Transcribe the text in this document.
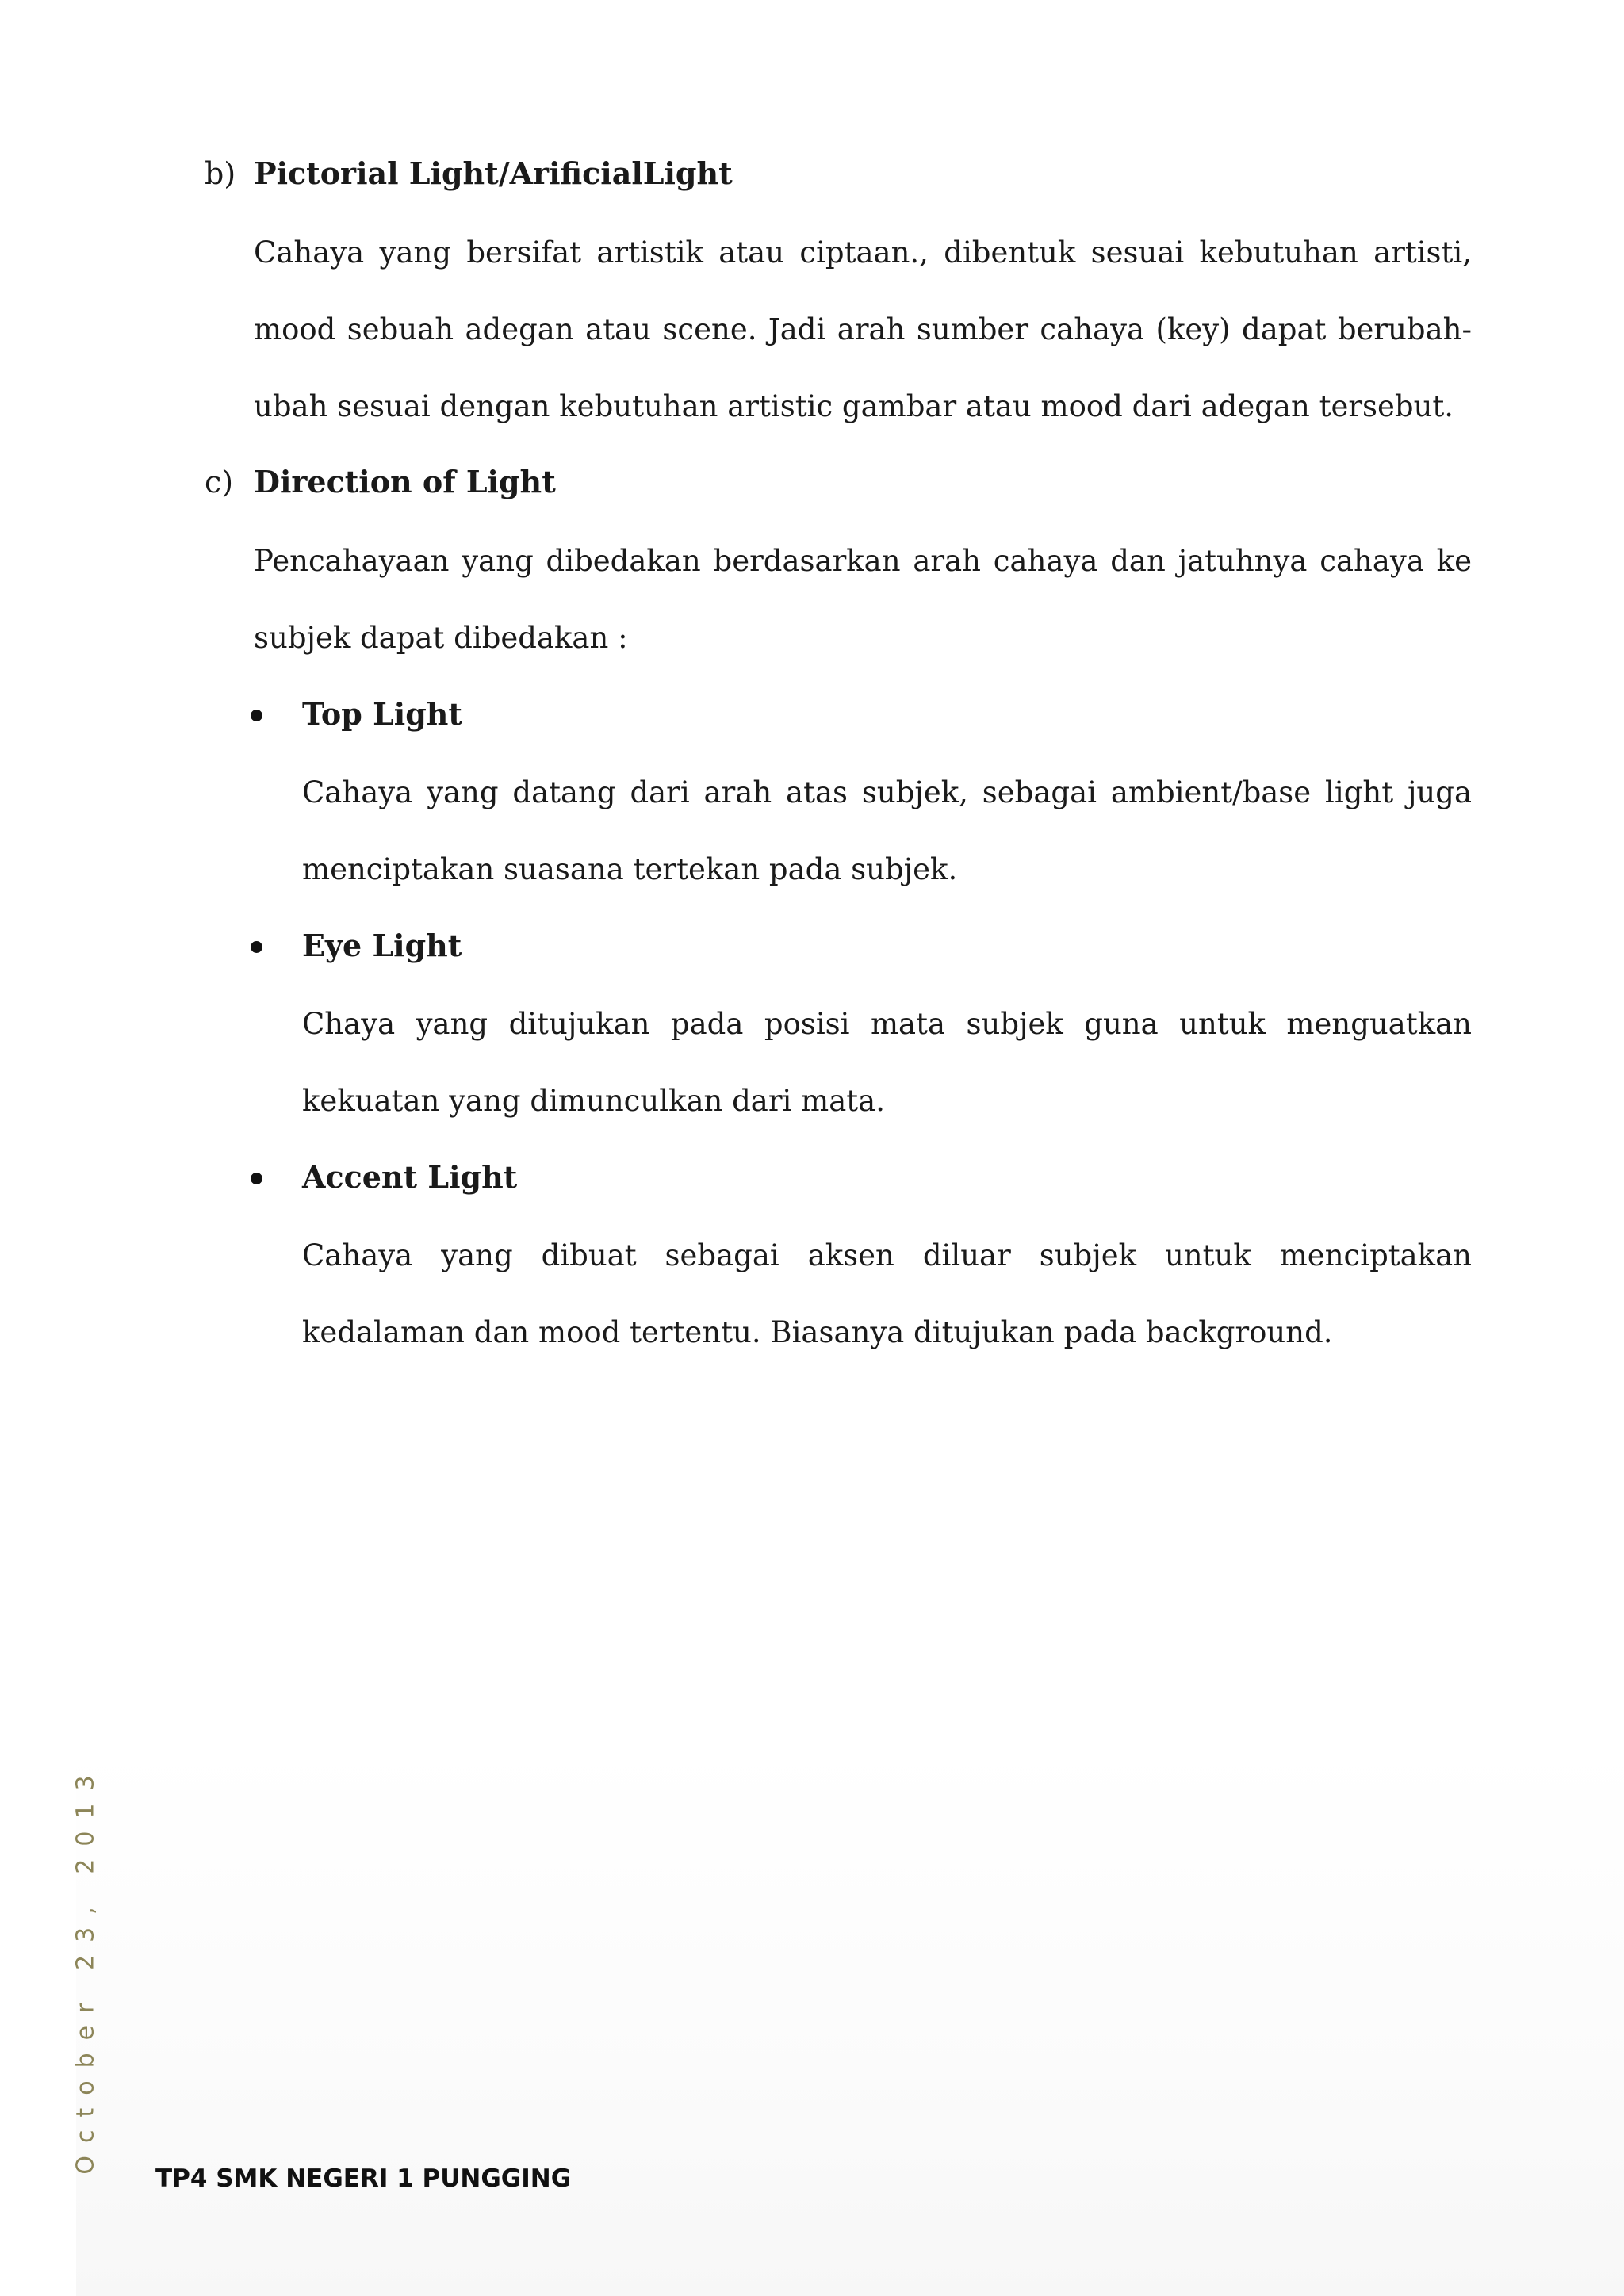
b) Pictorial Light/ArificialLight

Cahaya yang bersifat artistik atau ciptaan., dibentuk sesuai kebutuhan artisti, mood sebuah adegan atau scene. Jadi arah sumber cahaya (key) dapat berubah-ubah sesuai dengan kebutuhan artistic gambar atau mood dari adegan tersebut.

c) Direction of Light

Pencahayaan yang dibedakan berdasarkan arah cahaya dan jatuhnya cahaya ke subjek dapat dibedakan :

Top Light

Cahaya yang datang dari arah atas subjek, sebagai ambient/base light juga menciptakan suasana tertekan pada subjek.

Eye Light

Chaya yang ditujukan pada posisi mata subjek guna untuk menguatkan kekuatan yang dimunculkan dari mata.

Accent Light

Cahaya yang dibuat sebagai aksen diluar subjek untuk menciptakan kedalaman dan mood tertentu. Biasanya ditujukan pada background.

October 23, 2013
TP4 SMK NEGERI 1 PUNGGING
